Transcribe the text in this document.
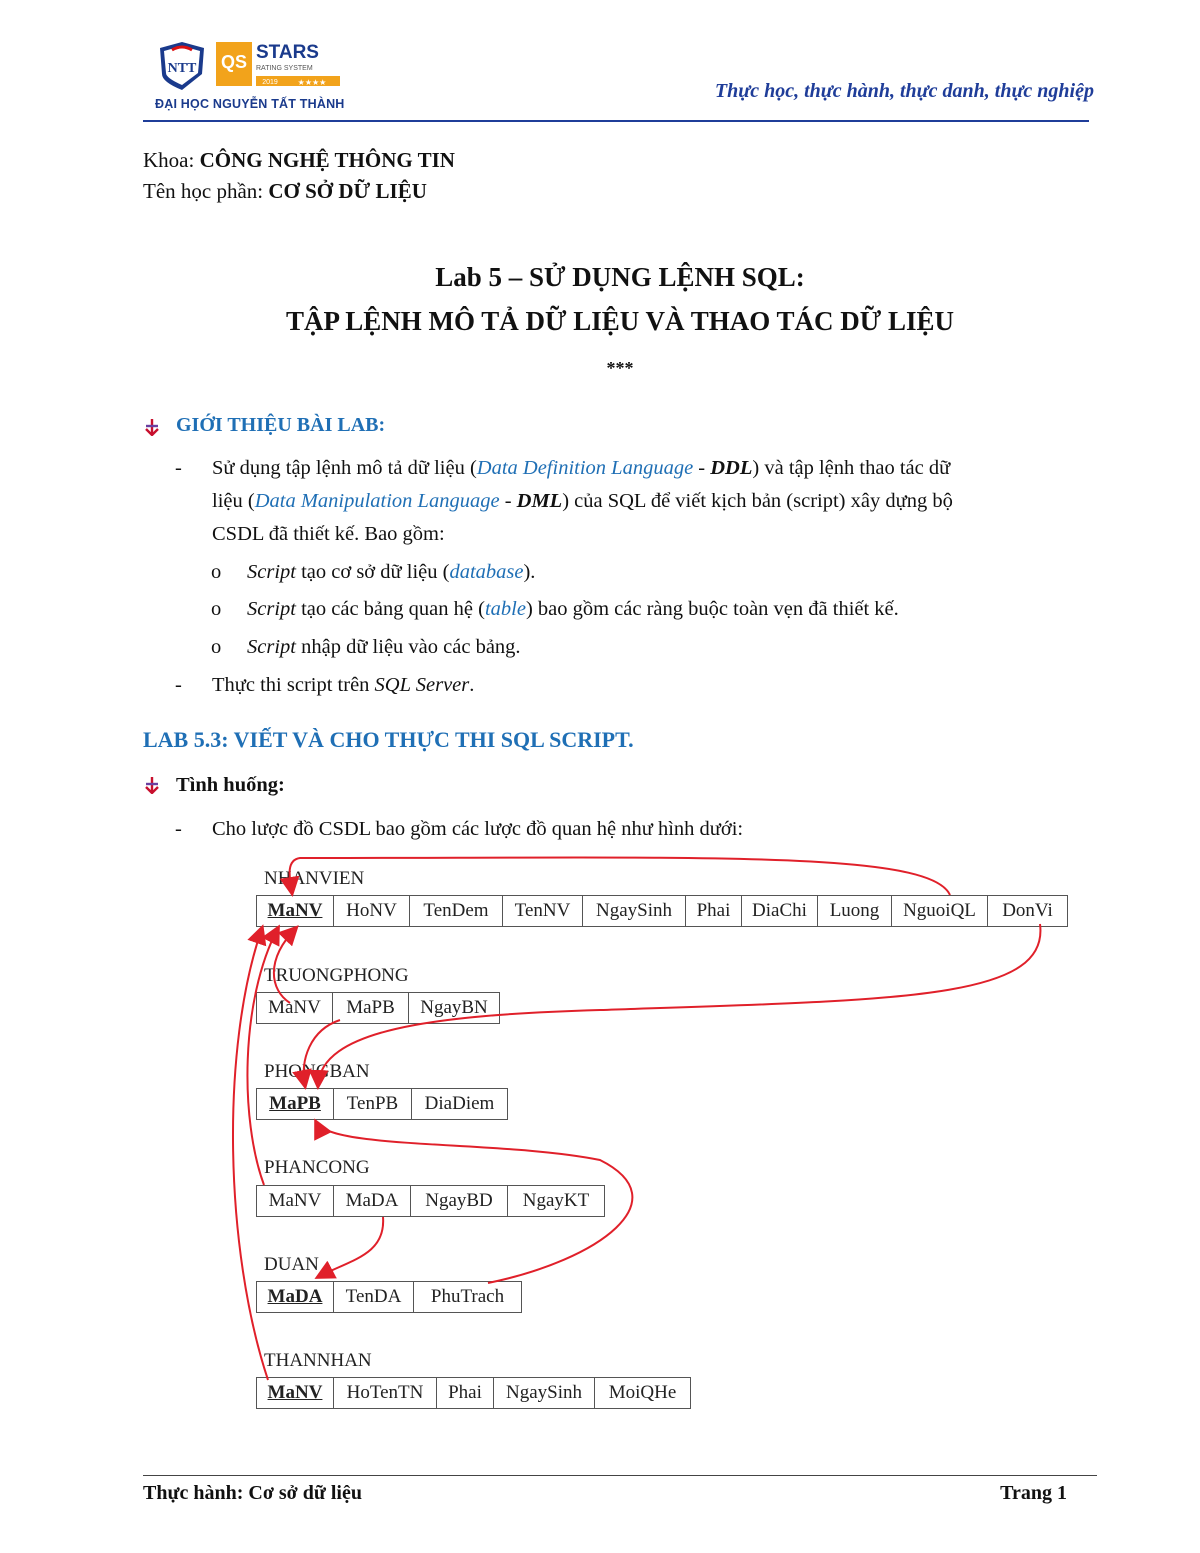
NTT QS STARS
RATING SYSTEM
2019 ★★★★
ĐẠI HỌC NGUYỄN TẤT THÀNH
Thực học, thực hành, thực danh, thực nghiệp
Khoa: CÔNG NGHỆ THÔNG TIN
Tên học phần: CƠ SỞ DỮ LIỆU
Lab 5 – SỬ DỤNG LỆNH SQL:
TẬP LỆNH MÔ TẢ DỮ LIỆU VÀ THAO TÁC DỮ LIỆU
***
GIỚI THIỆU BÀI LAB:
- Sử dụng tập lệnh mô tả dữ liệu (Data Definition Language - DDL) và tập lệnh thao tác dữ
liệu (Data Manipulation Language - DML) của SQL để viết kịch bản (script) xây dựng bộ
CSDL đã thiết kế. Bao gồm:
o Script tạo cơ sở dữ liệu (database).
o Script tạo các bảng quan hệ (table) bao gồm các ràng buộc toàn vẹn đã thiết kế.
o Script nhập dữ liệu vào các bảng.
- Thực thi script trên SQL Server.
LAB 5.3: VIẾT VÀ CHO THỰC THI SQL SCRIPT.
Tình huống:
- Cho lược đồ CSDL bao gồm các lược đồ quan hệ như hình dưới:
NHANVIEN
MaNV	HoNV	TenDem	TenNV	NgaySinh	Phai	DiaChi	Luong	NguoiQL	DonVi
TRUONGPHONG
MaNV	MaPB	NgayBN
PHONGBAN
MaPB	TenPB	DiaDiem
PHANCONG
MaNV	MaDA	NgayBD	NgayKT
DUAN
MaDA	TenDA	PhuTrach
THANNHAN
MaNV	HoTenTN	Phai	NgaySinh	MoiQHe
Thực hành: Cơ sở dữ liệu	Trang 1
